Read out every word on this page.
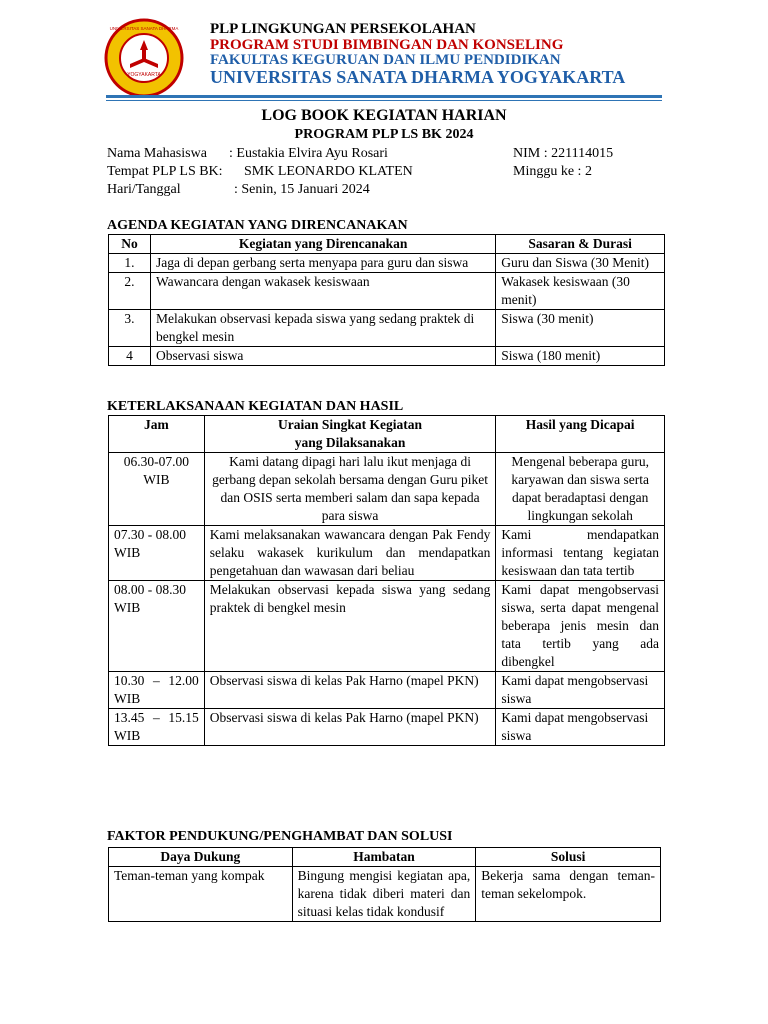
YOGYAKARTA
UNIVERSITAS SANATA DHARMA PLP LINGKUNGAN PERSEKOLAHAN
PROGRAM STUDI BIMBINGAN DAN KONSELING
FAKULTAS KEGURUAN DAN ILMU PENDIDIKAN
UNIVERSITAS SANATA DHARMA YOGYAKARTA
LOG BOOK KEGIATAN HARIAN
PROGRAM PLP LS BK 2024
Nama Mahasiswa : Eustakia Elvira Ayu Rosari	NIM : 221114015
Tempat PLP LS BK: SMK LEONARDO KLATEN	Minggu ke : 2
Hari/Tanggal	: Senin, 15 Januari 2024
AGENDA KEGIATAN YANG DIRENCANAKAN
No	Kegiatan yang Direncanakan	Sasaran & Durasi
1.	Jaga di depan gerbang serta menyapa para guru dan siswa	Guru dan Siswa (30 Menit)
2.	Wawancara dengan wakasek kesiswaan	Wakasek kesiswaan (30 menit)
3.	Melakukan observasi kepada siswa yang sedang praktek di bengkel mesin	Siswa (30 menit)
4	Observasi siswa	Siswa (180 menit)
KETERLAKSANAAN KEGIATAN DAN HASIL
Jam	Uraian Singkat Kegiatan yang Dilaksanakan	Hasil yang Dicapai
06.30-07.00 WIB	Kami datang dipagi hari lalu ikut menjaga di gerbang depan sekolah bersama dengan Guru piket dan OSIS serta memberi salam dan sapa kepada para siswa	Mengenal beberapa guru, karyawan dan siswa serta dapat beradaptasi dengan lingkungan sekolah
07.30 - 08.00 WIB	Kami melaksanakan wawancara dengan Pak Fendy selaku wakasek kurikulum dan mendapatkan pengetahuan dan wawasan dari beliau	Kami mendapatkan informasi tentang kegiatan kesiswaan dan tata tertib
08.00 - 08.30 WIB	Melakukan observasi kepada siswa yang sedang praktek di bengkel mesin	Kami dapat mengobservasi siswa, serta dapat mengenal beberapa jenis mesin dan tata tertib yang ada dibengkel
10.30 – 12.00 WIB	Observasi siswa di kelas Pak Harno (mapel PKN)	Kami dapat mengobservasi siswa
13.45 – 15.15 WIB	Observasi siswa di kelas Pak Harno (mapel PKN)	Kami dapat mengobservasi siswa
FAKTOR PENDUKUNG/PENGHAMBAT DAN SOLUSI
Daya Dukung	Hambatan	Solusi
Teman-teman yang kompak	Bingung mengisi kegiatan apa, karena tidak diberi materi dan situasi kelas tidak kondusif	Bekerja sama dengan teman-teman sekelompok.
